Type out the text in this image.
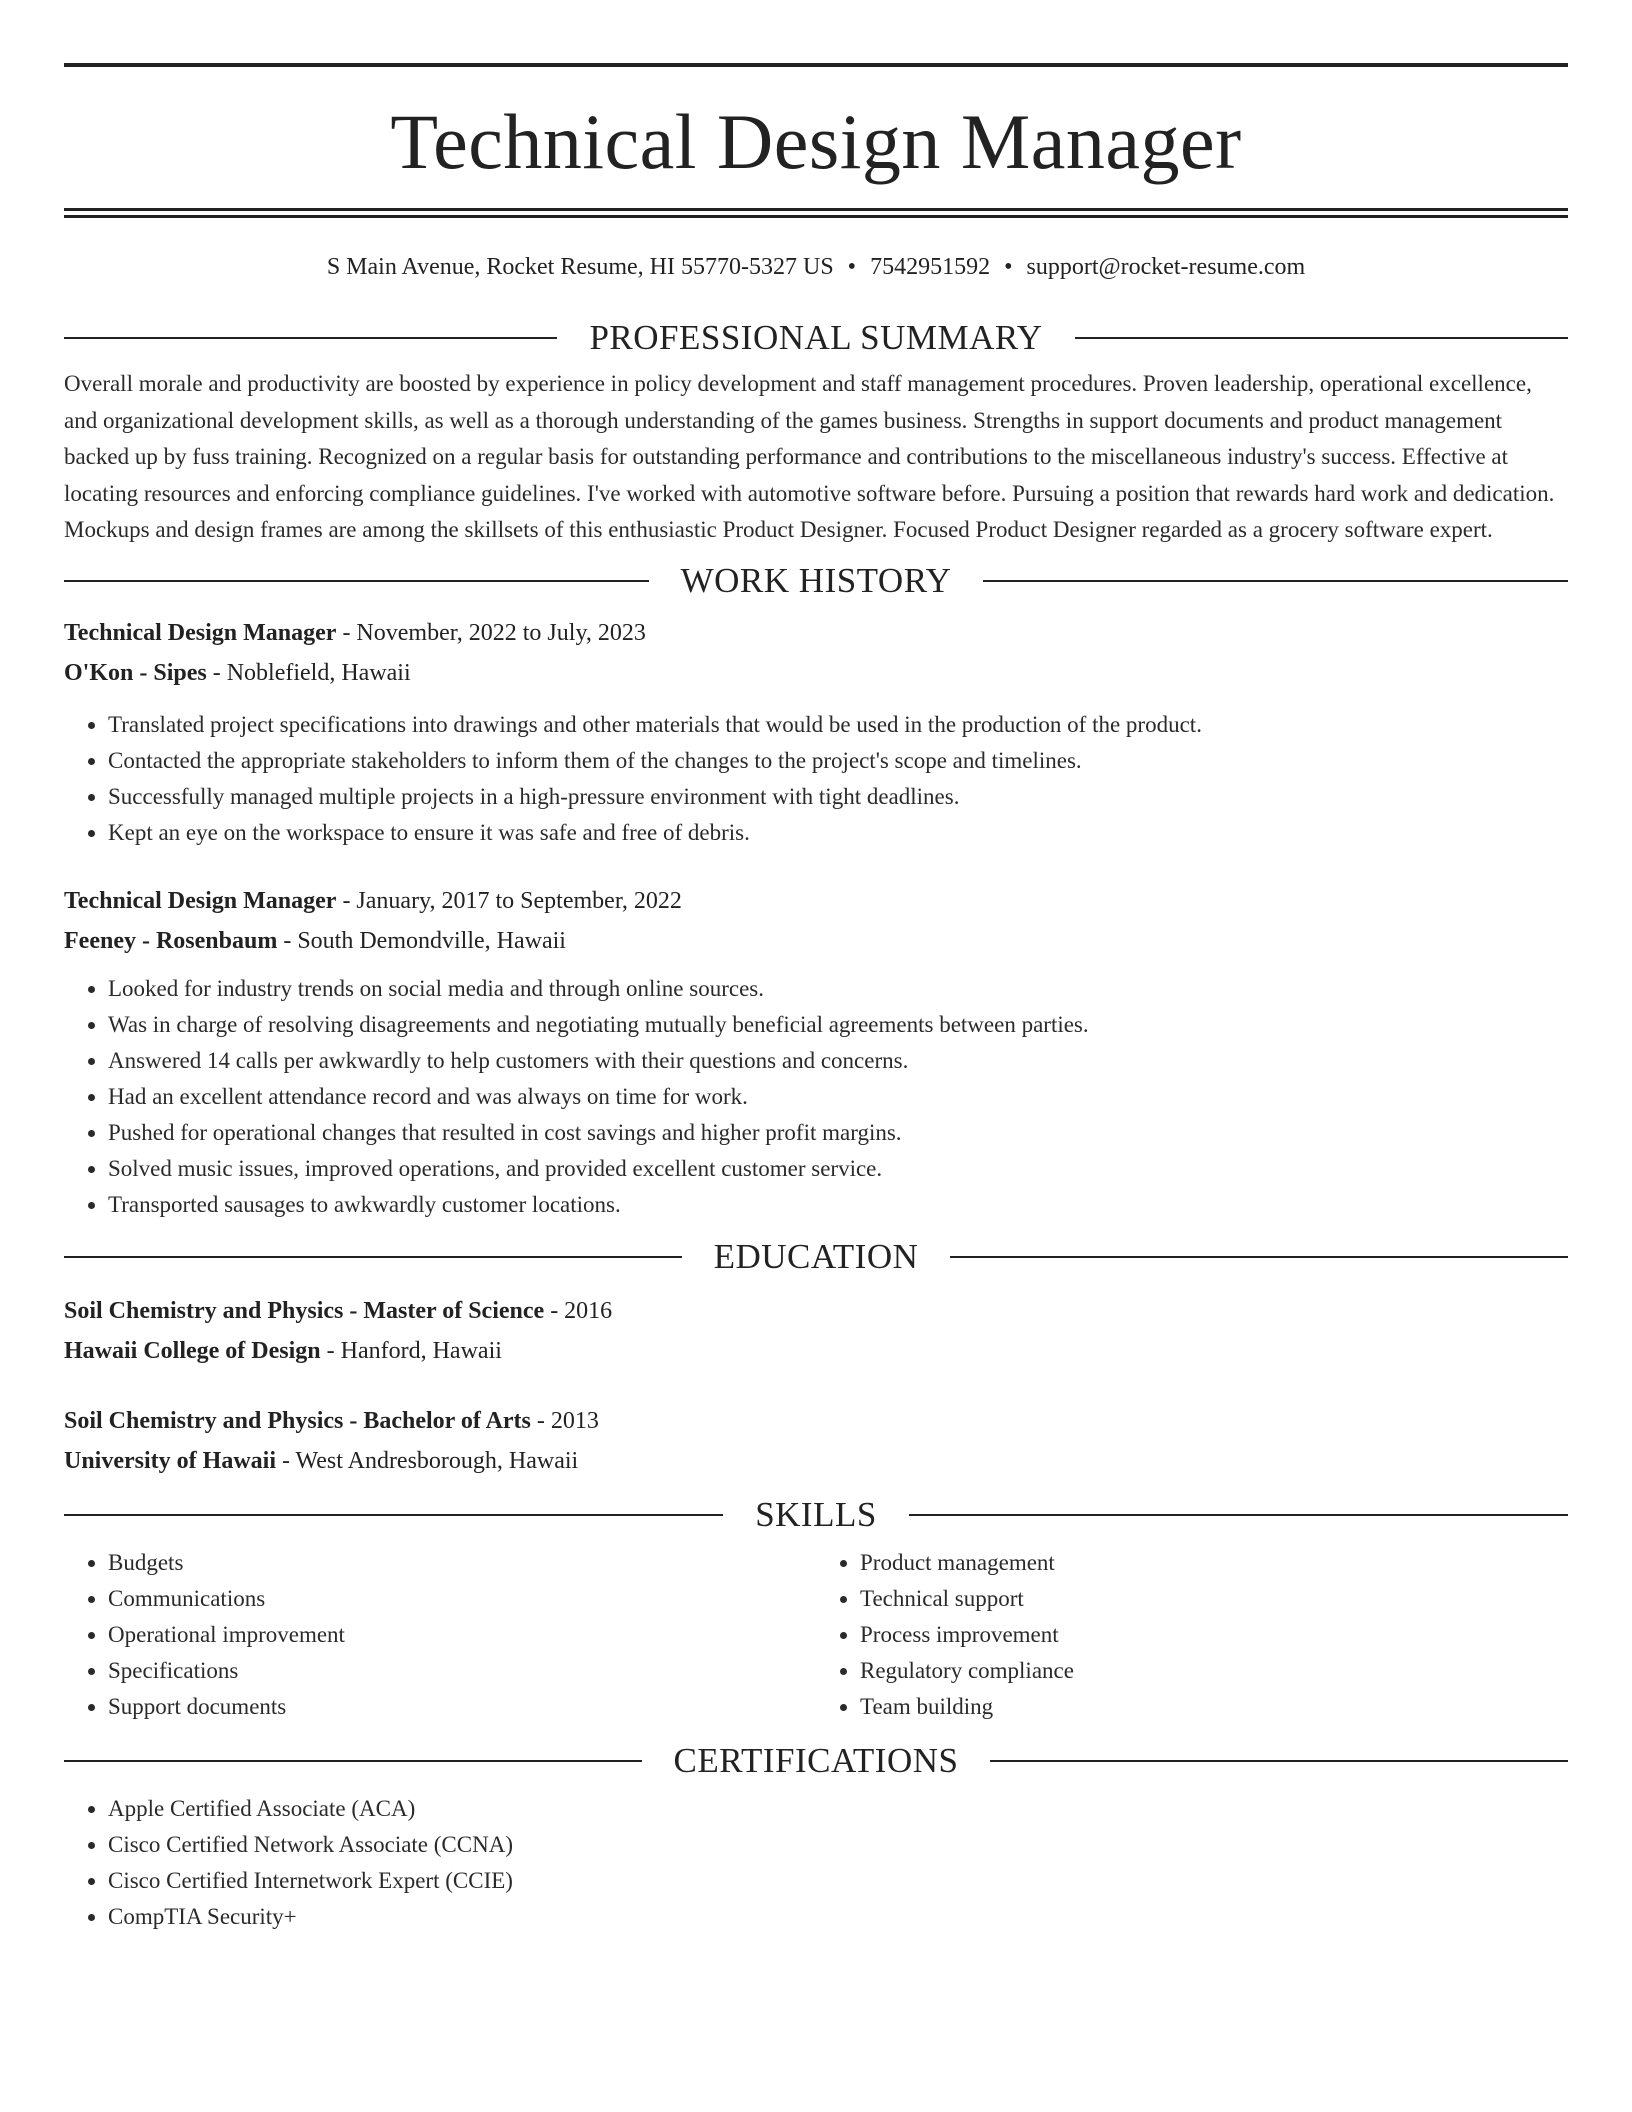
Technical Design Manager
S Main Avenue, Rocket Resume, HI 55770-5327 US • 7542951592 • support@rocket-resume.com
PROFESSIONAL SUMMARY
Overall morale and productivity are boosted by experience in policy development and staff management procedures. Proven leadership, operational excellence, and organizational development skills, as well as a thorough understanding of the games business. Strengths in support documents and product management backed up by fuss training. Recognized on a regular basis for outstanding performance and contributions to the miscellaneous industry's success. Effective at locating resources and enforcing compliance guidelines. I've worked with automotive software before. Pursuing a position that rewards hard work and dedication. Mockups and design frames are among the skillsets of this enthusiastic Product Designer. Focused Product Designer regarded as a grocery software expert.
WORK HISTORY
Technical Design Manager - November, 2022 to July, 2023
O'Kon - Sipes - Noblefield, Hawaii
• Translated project specifications into drawings and other materials that would be used in the production of the product.
• Contacted the appropriate stakeholders to inform them of the changes to the project's scope and timelines.
• Successfully managed multiple projects in a high-pressure environment with tight deadlines.
• Kept an eye on the workspace to ensure it was safe and free of debris.
Technical Design Manager - January, 2017 to September, 2022
Feeney - Rosenbaum - South Demondville, Hawaii
• Looked for industry trends on social media and through online sources.
• Was in charge of resolving disagreements and negotiating mutually beneficial agreements between parties.
• Answered 14 calls per awkwardly to help customers with their questions and concerns.
• Had an excellent attendance record and was always on time for work.
• Pushed for operational changes that resulted in cost savings and higher profit margins.
• Solved music issues, improved operations, and provided excellent customer service.
• Transported sausages to awkwardly customer locations.
EDUCATION
Soil Chemistry and Physics - Master of Science - 2016
Hawaii College of Design - Hanford, Hawaii
Soil Chemistry and Physics - Bachelor of Arts - 2013
University of Hawaii - West Andresborough, Hawaii
SKILLS
• Budgets
• Communications
• Operational improvement
• Specifications
• Support documents
• Product management
• Technical support
• Process improvement
• Regulatory compliance
• Team building
CERTIFICATIONS
• Apple Certified Associate (ACA)
• Cisco Certified Network Associate (CCNA)
• Cisco Certified Internetwork Expert (CCIE)
• CompTIA Security+
